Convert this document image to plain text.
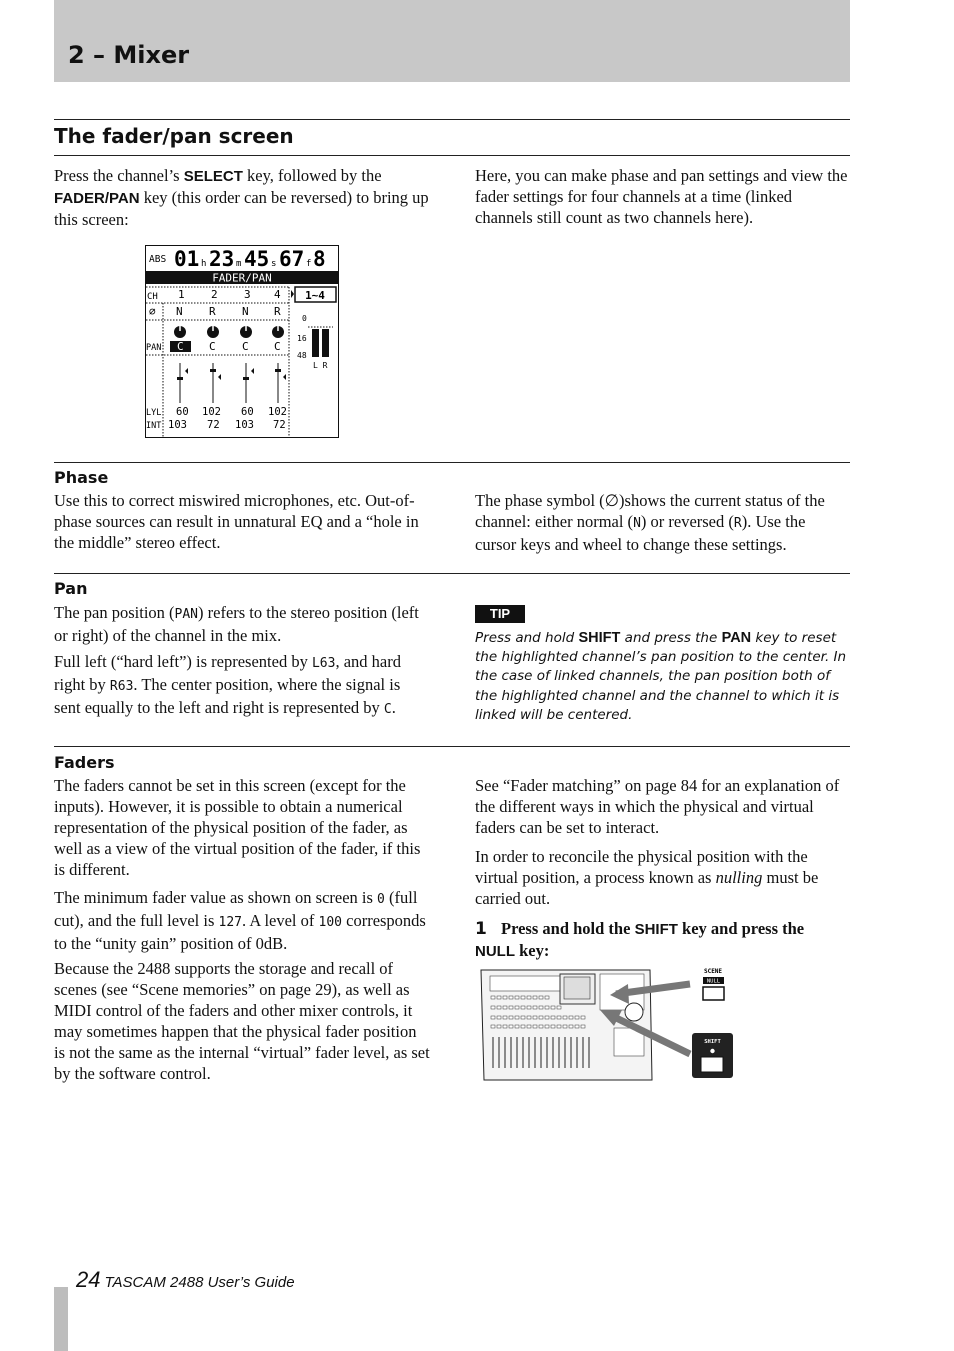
2 – Mixer
The fader/pan screen

Press the channel’s SELECT key, followed by the FADER/PAN key (this order can be reversed) to bring up this screen:

Here, you can make phase and pan settings and view the fader settings for four channels at a time (linked channels still count as two channels here).

ABS 01 h 23 m 45 s 67 f 8
FADER/PAN
CH
∅
PAN
LYL
INT
1 2 3 4
N R N R
C C C C
60 102 60 102
103 72 103 72
1~4
0
16
48
L R
Phase

Use this to correct miswired microphones, etc. Out-of-phase sources can result in unnatural EQ and a “hole in the middle” stereo effect.

The phase symbol (∅)shows the current status of the channel: either normal (N) or reversed (R). Use the cursor keys and wheel to change these settings.

Pan

The pan position (PAN) refers to the stereo position (left or right) of the channel in the mix.

Full left (“hard left”) is represented by L63, and hard right by R63. The center position, where the signal is sent equally to the left and right is represented by C.

TIP

Press and hold SHIFT and press the PAN key to reset the highlighted channel’s pan position to the center. In the case of linked channels, the pan position both of the highlighted channel and the channel to which it is linked will be centered.

Faders

The faders cannot be set in this screen (except for the inputs). However, it is possible to obtain a numerical representation of the physical position of the fader, as well as a view of the virtual position of the fader, if this is different.

The minimum fader value as shown on screen is 0 (full cut), and the full level is 127. A level of 100 corresponds to the “unity gain” position of 0dB.

Because the 2488 supports the storage and recall of scenes (see “Scene memories” on page 29), as well as MIDI control of the faders and other mixer controls, it may sometimes happen that the physical fader position is not the same as the internal “virtual” fader level, as set by the software control.

See “Fader matching” on page 84 for an explanation of the different ways in which the physical and virtual faders can be set to interact.

In order to reconcile the physical position with the virtual position, a process known as nulling must be carried out.

1 Press and hold the SHIFT key and press the
NULL key:
SCENE
NULL
SHIFT
24 TASCAM 2488 User’s Guide
